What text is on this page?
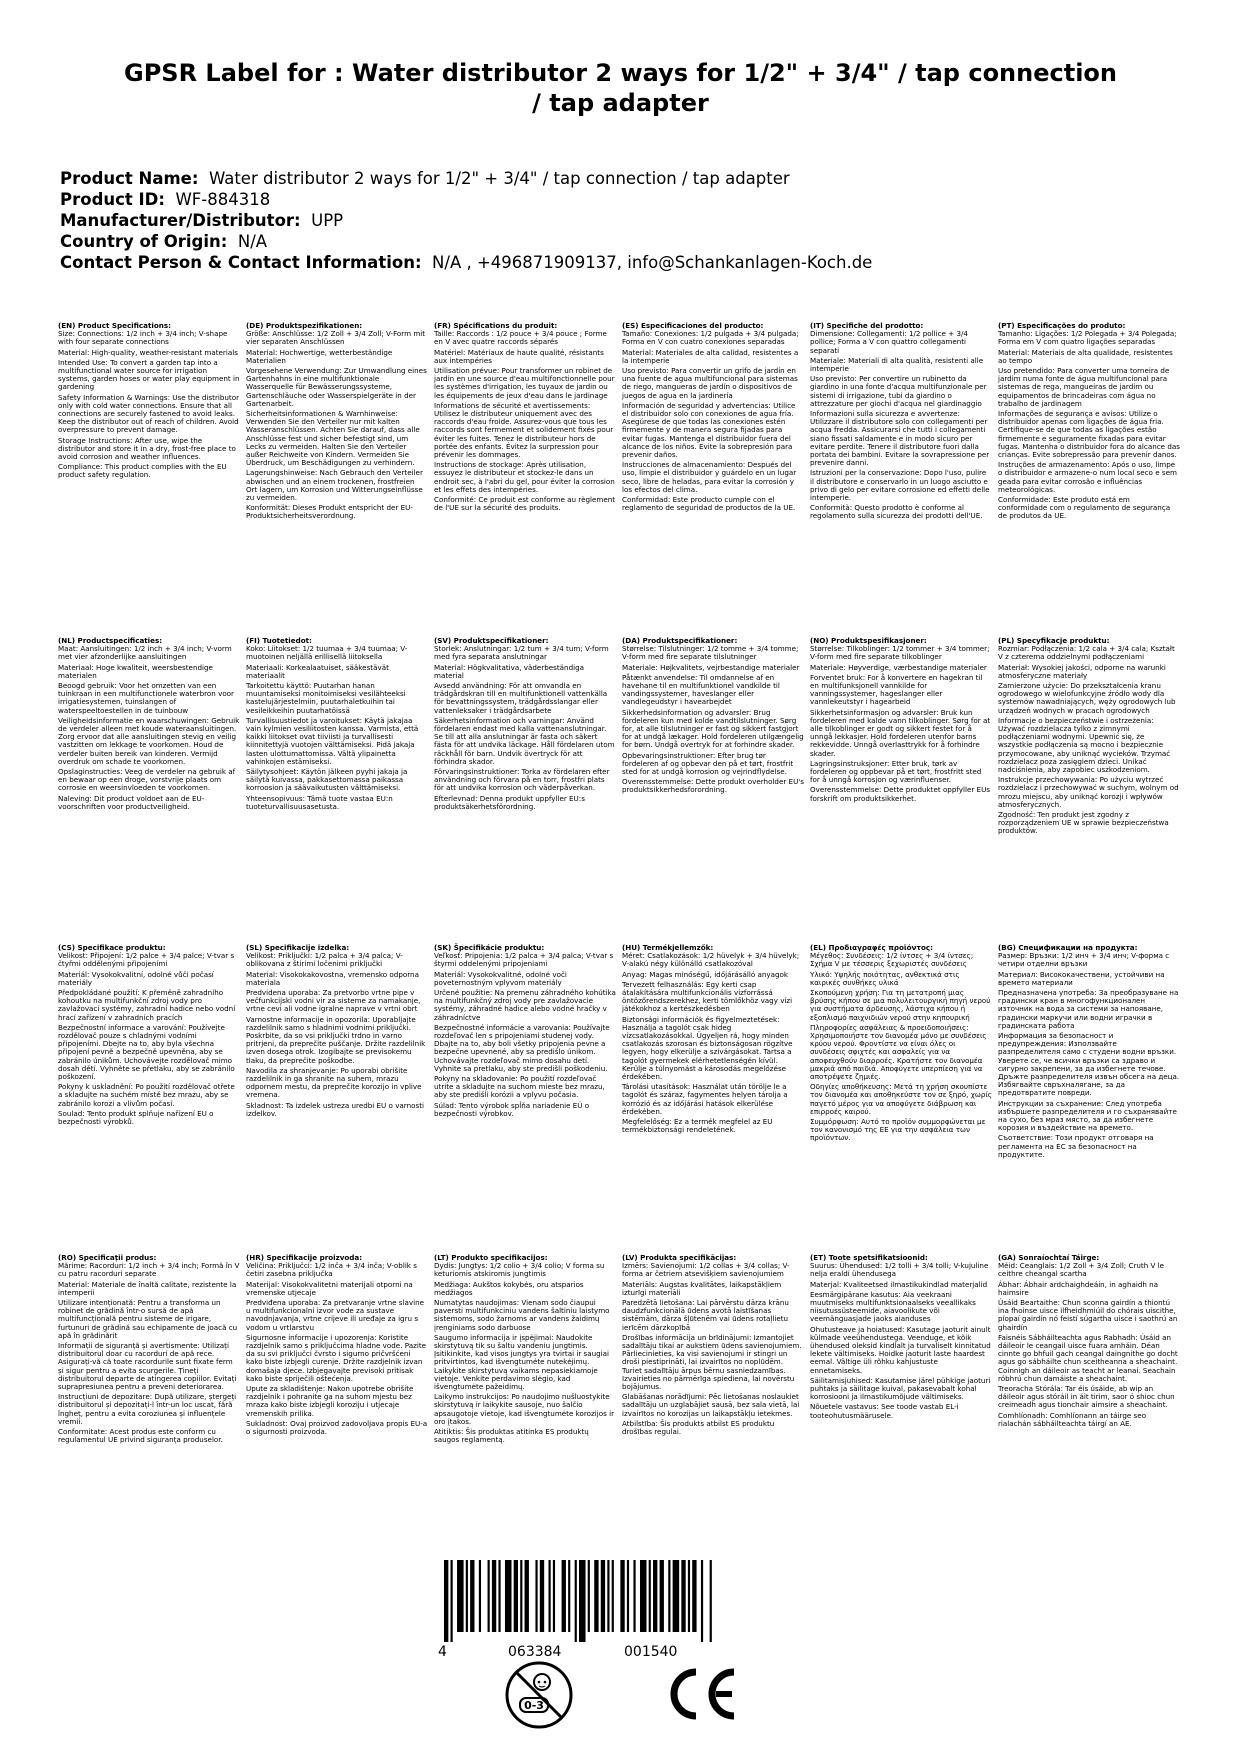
GPSR Label for : Water distributor 2 ways for 1/2" + 3/4" / tap connection / tap adapter
Product Name: Water distributor 2 ways for 1/2" + 3/4" / tap connection / tap adapter
Product ID: WF-884318
Manufacturer/Distributor: UPP
Country of Origin: N/A
Contact Person & Contact Information: N/A , +496871909137, info@Schankanlagen-Koch.de
(EN) Product Specifications:

Size: Connections: 1/2 inch + 3/4 inch; V-shape with four separate connections

Material: High-quality, weather-resistant materials

Intended Use: To convert a garden tap into a multifunctional water source for irrigation systems, garden hoses or water play equipment in gardening

Safety Information & Warnings: Use the distributor only with cold water connections. Ensure that all connections are securely fastened to avoid leaks. Keep the distributor out of reach of children. Avoid overpressure to prevent damage.

Storage Instructions: After use, wipe the distributor and store it in a dry, frost-free place to avoid corrosion and weather influences.

Compliance: This product complies with the EU product safety regulation.

(DE) Produktspezifikationen:

Größe: Anschlüsse: 1/2 Zoll + 3/4 Zoll; V-Form mit vier separaten Anschlüssen

Material: Hochwertige, wetterbeständige Materialien

Vorgesehene Verwendung: Zur Umwandlung eines Gartenhahns in eine multifunktionale Wasserquelle für Bewässerungssysteme, Gartenschläuche oder Wasserspielgeräte in der Gartenarbeit.

Sicherheitsinformationen & Warnhinweise: Verwenden Sie den Verteiler nur mit kalten Wasseranschlüssen. Achten Sie darauf, dass alle Anschlüsse fest und sicher befestigt sind, um Lecks zu vermeiden. Halten Sie den Verteiler außer Reichweite von Kindern. Vermeiden Sie Überdruck, um Beschädigungen zu verhindern.

Lagerungshinweise: Nach Gebrauch den Verteiler abwischen und an einem trockenen, frostfreien Ort lagern, um Korrosion und Witterungseinflüsse zu vermeiden.

Konformität: Dieses Produkt entspricht der EU-Produktsicherheitsverordnung.

(FR) Spécifications du produit:

Taille: Raccords : 1/2 pouce + 3/4 pouce ; Forme en V avec quatre raccords séparés

Matériel: Matériaux de haute qualité, résistants aux intempéries

Utilisation prévue: Pour transformer un robinet de jardin en une source d'eau multifonctionnelle pour les systèmes d'irrigation, les tuyaux de jardin ou les équipements de jeux d'eau dans le jardinage

Informations de sécurité et avertissements: Utilisez le distributeur uniquement avec des raccords d'eau froide. Assurez-vous que tous les raccords sont fermement et solidement fixés pour éviter les fuites. Tenez le distributeur hors de portée des enfants. Évitez la surpression pour prévenir les dommages.

Instructions de stockage: Après utilisation, essuyez le distributeur et stockez-le dans un endroit sec, à l'abri du gel, pour éviter la corrosion et les effets des intempéries.

Conformité: Ce produit est conforme au règlement de l'UE sur la sécurité des produits.

(ES) Especificaciones del producto:

Tamaño: Conexiones: 1/2 pulgada + 3/4 pulgada; Forma en V con cuatro conexiones separadas

Material: Materiales de alta calidad, resistentes a la intemperie

Uso previsto: Para convertir un grifo de jardín en una fuente de agua multifuncional para sistemas de riego, mangueras de jardín o dispositivos de juegos de agua en la jardinería

Información de seguridad y advertencias: Utilice el distribuidor solo con conexiones de agua fría. Asegúrese de que todas las conexiones estén firmemente y de manera segura fijadas para evitar fugas. Mantenga el distribuidor fuera del alcance de los niños. Evite la sobrepresión para prevenir daños.

Instrucciones de almacenamiento: Después del uso, limpie el distribuidor y guárdelo en un lugar seco, libre de heladas, para evitar la corrosión y los efectos del clima.

Conformidad: Este producto cumple con el reglamento de seguridad de productos de la UE.

(IT) Specifiche del prodotto:

Dimensione: Collegamenti: 1/2 pollice + 3/4 pollice; Forma a V con quattro collegamenti separati

Materiale: Materiali di alta qualità, resistenti alle intemperie

Uso previsto: Per convertire un rubinetto da giardino in una fonte d'acqua multifunzionale per sistemi di irrigazione, tubi da giardino o attrezzature per giochi d'acqua nel giardinaggio

Informazioni sulla sicurezza e avvertenze: Utilizzare il distributore solo con collegamenti per acqua fredda. Assicurarsi che tutti i collegamenti siano fissati saldamente e in modo sicuro per evitare perdite. Tenere il distributore fuori dalla portata dei bambini. Evitare la sovrapressione per prevenire danni.

Istruzioni per la conservazione: Dopo l'uso, pulire il distributore e conservarlo in un luogo asciutto e privo di gelo per evitare corrosione ed effetti delle intemperie.

Conformità: Questo prodotto è conforme al regolamento sulla sicurezza dei prodotti dell'UE.

(PT) Especificações do produto:

Tamanho: Ligações: 1/2 Polegada + 3/4 Polegada; Forma em V com quatro ligações separadas

Material: Materiais de alta qualidade, resistentes ao tempo

Uso pretendido: Para converter uma torneira de jardim numa fonte de água multifuncional para sistemas de rega, mangueiras de jardim ou equipamentos de brincadeiras com água no trabalho de jardinagem

Informações de segurança e avisos: Utilize o distribuidor apenas com ligações de água fria. Certifique-se de que todas as ligações estão firmemente e seguramente fixadas para evitar fugas. Mantenha o distribuidor fora do alcance das crianças. Evite sobrepressão para prevenir danos.

Instruções de armazenamento: Após o uso, limpe o distribuidor e armazene-o num local seco e sem geada para evitar corrosão e influências meteorológicas.

Conformidade: Este produto está em conformidade com o regulamento de segurança de produtos da UE.

(NL) Productspecificaties:

Maat: Aansluitingen: 1/2 inch + 3/4 inch; V-vorm met vier afzonderlijke aansluitingen

Materiaal: Hoge kwaliteit, weersbestendige materialen

Beoogd gebruik: Voor het omzetten van een tuinkraan in een multifunctionele waterbron voor irrigatiesystemen, tuinslangen of waterspeeltoestellen in de tuinbouw

Veiligheidsinformatie en waarschuwingen: Gebruik de verdeler alleen met koude wateraansluitingen. Zorg ervoor dat alle aansluitingen stevig en veilig vastzitten om lekkage te voorkomen. Houd de verdeler buiten bereik van kinderen. Vermijd overdruk om schade te voorkomen.

Opslaginstructies: Veeg de verdeler na gebruik af en bewaar op een droge, vorstvrije plaats om corrosie en weersinvloeden te voorkomen.

Naleving: Dit product voldoet aan de EU-voorschriften voor productveiligheid.

(FI) Tuotetiedot:

Koko: Liitokset: 1/2 tuumaa + 3/4 tuumaa; V-muotoinen neljällä erillisellä liitoksella

Materiaali: Korkealaatuiset, sääkestävät materiaalit

Tarkoitettu käyttö: Puutarhan hanan muuntamiseksi monitoimiseksi vesilähteeksi kastelujärjestelmiin, puutarhaletkuihin tai vesileikkeihin puutarhatöissä

Turvallisuustiedot ja varoitukset: Käytä jakajaa vain kylmien vesiliitosten kanssa. Varmista, että kaikki liitokset ovat tiiviisti ja turvallisesti kiinnitettyjä vuotojen välttämiseksi. Pidä jakaja lasten ulottumattomissa. Vältä ylipainetta vahinkojen estämiseksi.

Säilytysohjeet: Käytön jälkeen pyyhi jakaja ja säilytä kuivassa, pakkasettomassa paikassa korroosion ja säävaikutusten välttämiseksi.

Yhteensopivuus: Tämä tuote vastaa EU:n tuoteturvallisuusasetusta.

(SV) Produktspecifikationer:

Storlek: Anslutningar: 1/2 tum + 3/4 tum; V-form med fyra separata anslutningar

Material: Högkvalitativa, väderbeständiga material

Avsedd användning: För att omvandla en trädgårdskran till en multifunktionell vattenkälla för bevattningssystem, trädgårdsslangar eller vattenleksaker i trädgårdsarbete

Säkerhetsinformation och varningar: Använd fördelaren endast med kalla vattenanslutningar. Se till att alla anslutningar är fasta och säkert fästa för att undvika läckage. Håll fördelaren utom räckhåll för barn. Undvik övertryck för att förhindra skador.

Förvaringsinstruktioner: Torka av fördelaren efter användning och förvara på en torr, frostfri plats för att undvika korrosion och väderpåverkan.

Efterlevnad: Denna produkt uppfyller EU:s produktsäkerhetsförordning.

(DA) Produktspecifikationer:

Størrelse: Tilslutninger: 1/2 tomme + 3/4 tomme; V-form med fire separate tilslutninger

Materiale: Højkvalitets, vejrbestandige materialer

Påtænkt anvendelse: Til omdannelse af en havehane til en multifunktionel vandkilde til vandingssystemer, haveslanger eller vandlegeudstyr i havearbejdet

Sikkerhedsinformation og advarsler: Brug fordeleren kun med kolde vandtilslutninger. Sørg for, at alle tilslutninger er fast og sikkert fastgjort for at undgå lækager. Hold fordeleren utilgængelig for børn. Undgå overtryk for at forhindre skader.

Opbevaringsinstruktioner: Efter brug tør fordeleren af og opbevar den på et tørt, frostfrit sted for at undgå korrosion og vejrindflydelse.

Overensstemmelse: Dette produkt overholder EU's produktsikkerhedsforordning.

(NO) Produktspesifikasjoner:

Størrelse: Tilkoblinger: 1/2 tommer + 3/4 tommer; V-form med fire separate tilkoblinger

Materiale: Høyverdige, værbestandige materialer

Forventet bruk: For å konvertere en hagekran til en multifunksjonell vannkilde for vanningssystemer, hageslanger eller vannlekeutstyr i hagearbeid

Sikkerhetsinformasjon og advarsler: Bruk kun fordeleren med kalde vann tilkoblinger. Sørg for at alle tilkoblinger er godt og sikkert festet for å unngå lekkasjer. Hold fordeleren utenfor barns rekkevidde. Unngå overlasttrykk for å forhindre skader.

Lagringsinstruksjoner: Etter bruk, tørk av fordeleren og oppbevar på et tørt, frostfritt sted for å unngå korrosjon og værinfluenser.

Overensstemmelse: Dette produktet oppfyller EUs forskrift om produktsikkerhet.

(PL) Specyfikacje produktu:

Rozmiar: Podłączenia: 1/2 cala + 3/4 cala; Kształt V z czterema oddzielnymi podłączeniami

Materiał: Wysokiej jakości, odporne na warunki atmosferyczne materiały

Zamierzone użycie: Do przekształcenia kranu ogrodowego w wielofunkcyjne źródło wody dla systemów nawadniających, węży ogrodowych lub urządzeń wodnych w pracach ogrodowych

Informacje o bezpieczeństwie i ostrzeżenia: Używać rozdzielacza tylko z zimnymi podłączeniami wodnymi. Upewnić się, że wszystkie podłączenia są mocno i bezpiecznie przymocowane, aby uniknąć wycieków. Trzymać rozdzielacz poza zasięgiem dzieci. Unikać nadciśnienia, aby zapobiec uszkodzeniom.

Instrukcje przechowywania: Po użyciu wytrzeć rozdzielacz i przechowywać w suchym, wolnym od mrozu miejscu, aby uniknąć korozji i wpływów atmosferycznych.

Zgodność: Ten produkt jest zgodny z rozporządzeniem UE w sprawie bezpieczeństwa produktów.

(CS) Specifikace produktu:

Velikost: Připojení: 1/2 palce + 3/4 palce; V-tvar s čtyřmi oddělenými připojeními

Materiál: Vysokokvalitní, odolné vůči počasí materiály

Předpokládané použití: K přeměně zahradního kohoutku na multifunkční zdroj vody pro zavlažovací systémy, zahradní hadice nebo vodní hrací zařízení v zahradních pracích

Bezpečnostní informace a varování: Používejte rozdělovač pouze s chladnými vodními připojeními. Dbejte na to, aby byla všechna připojení pevně a bezpečně upevněna, aby se zabránilo únikům. Uchovávejte rozdělovač mimo dosah dětí. Vyhněte se přetlaku, aby se zabránilo poškození.

Pokyny k uskladnění: Po použití rozdělovač otřete a skladujte na suchém místě bez mrazu, aby se zabránilo korozi a vlivům počasí.

Soulad: Tento produkt splňuje nařízení EU o bezpečnosti výrobků.

(SL) Specifikacije izdelka:

Velikost: Priključki: 1/2 palca + 3/4 palca; V-oblikovana z štirimi ločenimi priključki

Material: Visokokakovostna, vremensko odporna materiala

Predvidena uporaba: Za pretvorbo vrtne pipe v večfunkcijski vodni vir za sisteme za namakanje, vrtne cevi ali vodne igralne naprave v vrtni obrt

Varnostne informacije in opozorila: Uporabljajte razdelilnik samo s hladnimi vodnimi priključki. Poskrbite, da so vsi priključki trdno in varno pritrjeni, da preprečite puščanje. Držite razdelilnik izven dosega otrok. Izogibajte se previsokemu tlaku, da preprečite poškodbe.

Navodila za shranjevanje: Po uporabi obrišite razdelilnik in ga shranite na suhem, mrazu odpornem mestu, da preprečite korozijo in vplive vremena.

Skladnost: Ta izdelek ustreza uredbi EU o varnosti izdelkov.

(SK) Špecifikácie produktu:

Veľkosť: Pripojenia: 1/2 palca + 3/4 palca; V-tvar s štyrmi oddelenými pripojeniami

Materiál: Vysokokvalitné, odolné voči poveternostným vplyvom materiály

Určené použitie: Na premenu záhradného kohútika na multifunkčný zdroj vody pre zavlažovacie systémy, záhradné hadice alebo vodné hračky v záhradníctve

Bezpečnostné informácie a varovania: Používajte rozdeľovač len s pripojeniami studenej vody. Dbajte na to, aby boli všetky pripojenia pevne a bezpečne upevnené, aby sa predišlo únikom. Uchovávajte rozdeľovač mimo dosahu detí. Vyhnite sa pretlaku, aby ste predišli poškodeniu.

Pokyny na skladovanie: Po použití rozdeľovač utrite a skladujte na suchom mieste bez mrazu, aby ste predišli korózii a vplyvu počasia.

Súlad: Tento výrobok spĺňa nariadenie EÚ o bezpečnosti výrobkov.

(HU) Termékjellemzők:

Méret: Csatlakozások: 1/2 hüvelyk + 3/4 hüvelyk; V-alakú négy különálló csatlakozóval

Anyag: Magas minőségű, időjárásálló anyagok

Tervezett felhasználás: Egy kerti csap átalakítására multifunkcionális vízforrássá öntözőrendszerekhez, kerti tömlőkhöz vagy vízi játékokhoz a kertészkedésben

Biztonsági információk és figyelmeztetések: Használja a tagolót csak hideg vízcsatlakozásokkal. Ügyeljen rá, hogy minden csatlakozás szorosan és biztonságosan rögzítve legyen, hogy elkerülje a szivárgásokat. Tartsa a tagolót gyermekek elérhetetlenségén kívül. Kerülje a túlnyomást a károsodás megelőzése érdekében.

Tárolási utasítások: Használat után törölje le a tagolót és száraz, fagymentes helyen tárolja a korrózió és az időjárási hatások elkerülése érdekében.

Megfelelőség: Ez a termék megfelel az EU termékbiztonsági rendeletének.

(EL) Προδιαγραφές προϊόντος:

Μέγεθος: Συνδέσεις: 1/2 ίντσες + 3/4 ίντσες; Σχήμα V με τέσσερις ξεχωριστές συνδέσεις

Υλικό: Υψηλής ποιότητας, ανθεκτικά στις καιρικές συνθήκες υλικά

Σκοπούμενη χρήση: Για τη μετατροπή μιας βρύσης κήπου σε μια πολυλειτουργική πηγή νερού για συστήματα άρδευσης, λάστιχα κήπου ή εξοπλισμό παιχνιδιών νερού στην κηπουρική

Πληροφορίες ασφάλειας & προειδοποιήσεις: Χρησιμοποιήστε τον διανομέα μόνο με συνδέσεις κρύου νερού. Φροντίστε να είναι όλες οι συνδέσεις σφιχτές και ασφαλείς για να αποφευχθούν διαρροές. Κρατήστε τον διανομέα μακριά από παιδιά. Αποφύγετε υπερπίεση για να αποτρέψετε ζημιές.

Οδηγίες αποθήκευσης: Μετά τη χρήση σκουπίστε τον διανομέα και αποθηκεύστε τον σε ξηρό, χωρίς παγετό μέρος για να αποφύγετε διάβρωση και επιρροές καιρού.

Συμμόρφωση: Αυτό το προϊόν συμμορφώνεται με τον κανονισμό της ΕΕ για την ασφάλεια των προϊόντων.

(BG) Спецификации на продукта:

Размер: Връзки: 1/2 инч + 3/4 инч; V-форма с четири отделни връзки

Материал: Висококачествени, устойчиви на времето материали

Предназначена употреба: За преобразуване на градински кран в многофункционален източник на вода за системи за напояване, градински маркучи или водни играчки в градинската работа

Информация за безопасност и предупреждения: Използвайте разпределителя само с студени водни връзки. Уверете се, че всички връзки са здраво и сигурно закрепени, за да избегнете течове. Дръжте разпределителя извън обсега на деца. Избягвайте свръхналягане, за да предотвратите повреди.

Инструкции за съхранение: След употреба избършете разпределителя и го съхранявайте на сухо, без мраз място, за да избегнете корозия и въздействие на времето.

Съответствие: Този продукт отговаря на регламента на ЕС за безопасност на продуктите.

(RO) Specificații produs:

Mărime: Racorduri: 1/2 inch + 3/4 inch; Formă în V cu patru racorduri separate

Material: Materiale de înaltă calitate, rezistente la intemperii

Utilizare intenționată: Pentru a transforma un robinet de grădină într-o sursă de apă multifuncțională pentru sisteme de irigare, furtunuri de grădină sau echipamente de joacă cu apă în grădinărit

Informații de siguranță și avertismente: Utilizați distribuitorul doar cu racorduri de apă rece. Asigurați-vă că toate racordurile sunt fixate ferm și sigur pentru a evita scurgerile. Țineți distribuitorul departe de atingerea copiilor. Evitați suprapresiunea pentru a preveni deteriorarea.

Instrucțiuni de depozitare: După utilizare, ștergeți distribuitorul și depozitați-l într-un loc uscat, fără îngheț, pentru a evita coroziunea și influențele vremii.

Conformitate: Acest produs este conform cu regulamentul UE privind siguranța produselor.

(HR) Specifikacije proizvoda:

Veličina: Priključci: 1/2 inča + 3/4 inča; V-oblik s četiri zasebna priključka

Materijal: Visokokvalitetni materijali otporni na vremenske utjecaje

Predviđena uporaba: Za pretvaranje vrtne slavine u multifunkcionalni izvor vode za sustave navodnjavanja, vrtne crijeve ili uređaje za igru s vodom u vrtlarstvu

Sigurnosne informacije i upozorenja: Koristite razdjelnik samo s priključcima hladne vode. Pazite da su svi priključci čvrsto i sigurno pričvršćeni kako biste izbjegli curenje. Držite razdjelnik izvan domašaja djece. Izbjegavajte previsoki pritisak kako biste spriječili oštećenja.

Upute za skladištenje: Nakon upotrebe obrišite razdjelnik i pohranite ga na suhom mjestu bez mraza kako biste izbjegli koroziju i utjecaje vremenskih prilika.

Sukladnost: Ovaj proizvod zadovoljava propis EU-a o sigurnosti proizvoda.

(LT) Produkto specifikacijos:

Dydis: Jungtys: 1/2 colio + 3/4 colio; V forma su keturiomis atskiromis jungtimis

Medžiaga: Aukštos kokybės, oru atsparios medžiagos

Numatytas naudojimas: Vienam sodo čiaupui paversti multifunkciniu vandens šaltiniu laistymo sistemoms, sodo žarnoms ar vandens žaidimų įrenginiams sodo darbuose

Saugumo informacija ir įspėjimai: Naudokite skirstytuvą tik su šaltu vandeniu jungtimis. Įsitikinkite, kad visos jungtys yra tvirtai ir saugiai pritvirtintos, kad išvengtumėte nutekėjimų. Laikykite skirstytuvą vaikams nepasiekiamoje vietoje. Venkite perdavimo slėgio, kad išvengtumėte pažeidimų.

Laikymo instrukcijos: Po naudojimo nušluostykite skirstytuvą ir laikykite sausoje, nuo šalčio apsaugotoje vietoje, kad išvengtumėte korozijos ir oro įtakos.

Atitiktis: Šis produktas atitinka ES produktų saugos reglamentą.

(LV) Produkta specifikācijas:

Izmērs: Savienojumi: 1/2 collas + 3/4 collas; V-forma ar četriem atsevišķiem savienojumiem

Materiāls: Augstas kvalitātes, laikapstākļiem izturīgi materiāli

Paredzētā lietošana: Lai pārvērstu dārza krānu daudzfunkcionālā ūdens avotā laistīšanas sistēmām, dārza šļūtenēm vai ūdens rotaļlietu ierīcēm dārzkopībā

Drošības informācija un brīdinājumi: Izmantojiet sadalītāju tikai ar aukstiem ūdens savienojumiem. Pārliecinieties, ka visi savienojumi ir stingri un droši piestiprināti, lai izvairītos no noplūdēm. Turiet sadalītāju ārpus bērnu sasniedzamības. Izvairieties no pārmērīga spiediena, lai novērstu bojājumus.

Glabāšanas norādījumi: Pēc lietošanas noslaukiet sadalītāju un uzglabājiet sausā, bez sala vietā, lai izvairītos no korozijas un laikapstākļu ietekmes.

Atbilstība: Šis produkts atbilst ES produktu drošības regulai.

(ET) Toote spetsifikatsioonid:

Suurus: Ühendused: 1/2 tolli + 3/4 tolli; V-kujuline nelja eraldi ühendusega

Materjal: Kvaliteetsed ilmastikukindlad materjalid

Eesmärgipärane kasutus: Aia veekraani muutmiseks multifunktsionaalseks veeallikaks niisutussüsteemide, aiavoolikute või veemänguasjade jaoks aianduses

Ohutusteave ja hoiatused: Kasutage jaoturit ainult külmade veeühendustega. Veenduge, et kõik ühendused oleksid kindlalt ja turvaliselt kinnitatud lekete vältimiseks. Hoidke jaoturit laste haardest eemal. Vältige üli rõhku kahjustuste ennetamiseks.

Säilitamisjuhised: Kasutamise järel pühkige jaoturi puhtaks ja säilitage kuival, pakasevabalt kohal korrosiooni ja ilmastikumõjude vältimiseks.

Nõuetele vastavus: See toode vastab EL-i tooteohutusmäärusele.

(GA) Sonraíochtaí Táirge:

Méid: Ceanglais: 1/2 Zoll + 3/4 Zoll; Cruth V le ceithre cheangal scartha

Ábhar: Ábhair ardchaighdeáin, in aghaidh na haimsire

Úsáid Beartaithe: Chun sconna gairdín a thiontú ina fhoinse uisce ilfheidhmiúil do chórais uiscithe, píopaí gairdín nó feistí súgartha uisce i saothrú an ghairdín

Faisnéis Sábháilteachta agus Rabhadh: Úsáid an dáileoir le ceangail uisce fuara amháin. Déan cinnte go bhfuil gach ceangal daingnithe go docht agus go sábháilte chun sceitheanna a sheachaint. Coinnigh an dáileoir as teacht ar leanaí. Seachain róbhrú chun damáiste a sheachaint.

Treoracha Stórála: Tar éis úsáide, ab wip an dáileoir agus stóráil in áit tirim, saor ó shioc chun creimeadh agus tionchair aimsire a sheachaint.

Comhlíonadh: Comhlíonann an táirge seo rialachán sábháilteachta táirgí an AE.

4	063384	001540
0-3
